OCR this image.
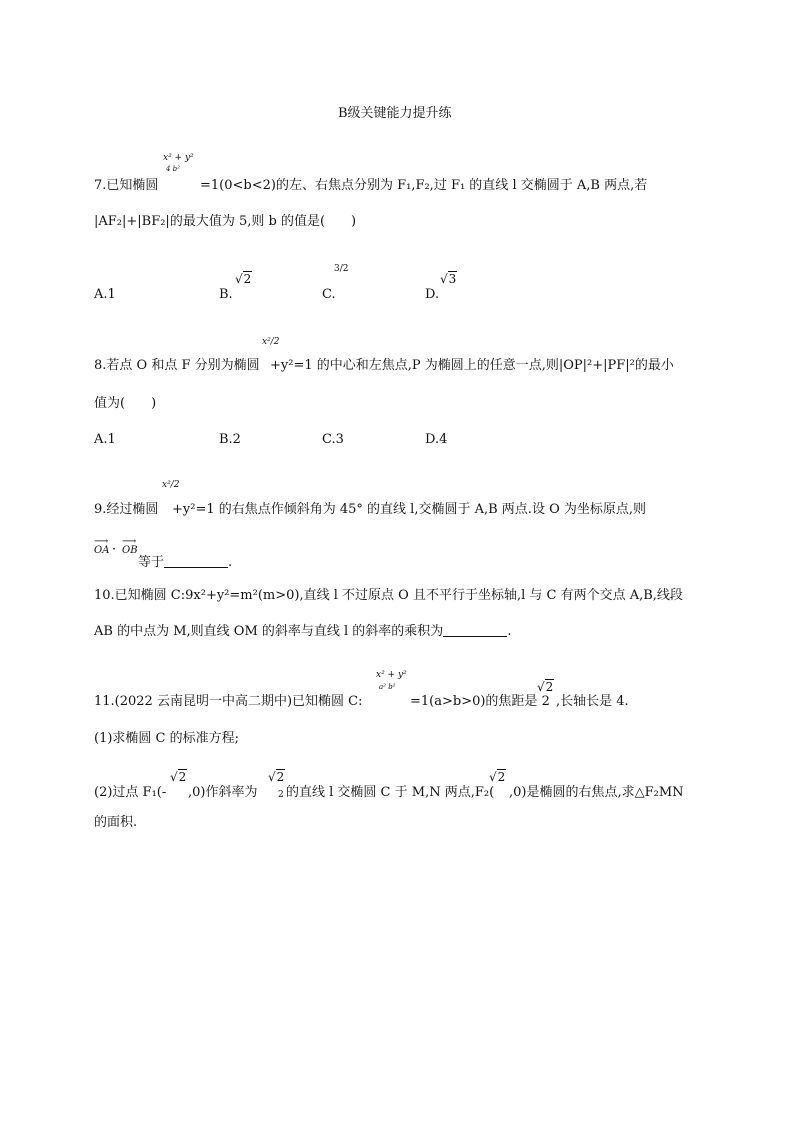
B级关键能力提升练
x² + y²
4 b²
7.已知椭圆	=1(0<b<2)的左、右焦点分别为 F₁,F₂,过 F₁ 的直线 l 交椭圆于 A,B 两点,若
|AF₂|+|BF₂|的最大值为 5,则 b 的值是(　　)
A.1	B.
√2
C.
3/2
D.
√3
x²/2
8.若点 O 和点 F 分别为椭圆 +y²=1 的中心和左焦点,P 为椭圆上的任意一点,则|OP|²+|PF|²的最小
值为(　　)
A.1	B.2	C.3	D.4
x²/2
9.经过椭圆 +y²=1 的右焦点作倾斜角为 45° 的直线 l,交椭圆于 A,B 两点.设 O 为坐标原点,则
⟶
OA ·
⟶
OB
等于	.
10.已知椭圆 C:9x²+y²=m²(m>0),直线 l 不过原点 O 且不平行于坐标轴,l 与 C 有两个交点 A,B,线段
AB 的中点为 M,则直线 OM 的斜率与直线 l 的斜率的乘积为	.
x² + y²
a² b²
11.(2022 云南昆明一中高二期中)已知椭圆 C:	=1(a>b>0)的焦距是 2
√2
,长轴长是 4.
(1)求椭圆 C 的标准方程;
(2)过点 F₁(-
√2
,0)作斜率为
√2
2 的直线 l 交椭圆 C 于 M,N 两点,F₂(
√2
,0)是椭圆的右焦点,求△F₂MN
的面积.
